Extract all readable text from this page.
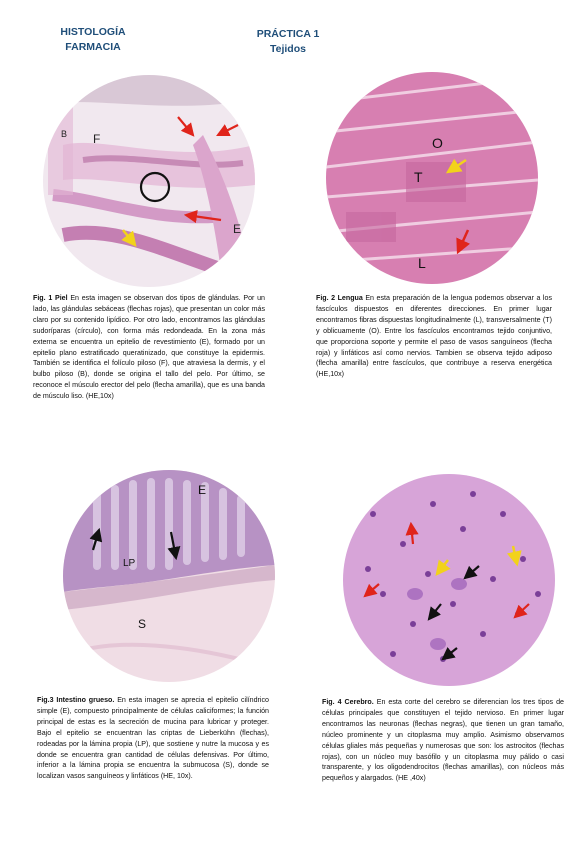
HISTOLOGÍA
FARMACIA
PRÁCTICA 1
Tejidos
B F
E
O
T
L
E
LP
S
Fig. 1 Piel En esta imagen se observan dos tipos de glándulas. Por un lado, las glándulas sebáceas (flechas rojas), que presentan un color más claro por su contenido lipídico. Por otro lado, encontramos las glándulas sudoríparas (círculo), con forma más redondeada. En la zona más externa se encuentra un epitelio de revestimiento (E), formado por un epitelio plano estratificado queratinizado, que constituye la epidermis. También se identifica el folículo piloso (F), que atraviesa la dermis, y el bulbo piloso (B), donde se origina el tallo del pelo. Por último, se reconoce el músculo erector del pelo (flecha amarilla), que es una banda de músculo liso. (HE,10x)
Fig. 2 Lengua En esta preparación de la lengua podemos observar a los fascículos dispuestos en diferentes direcciones. En primer lugar encontramos fibras dispuestas longitudinalmente (L), transversalmente (T) y oblicuamente (O). Entre los fascículos encontramos tejido conjuntivo, que proporciona soporte y permite el paso de vasos sanguíneos (flecha roja) y linfáticos así como nervios. Tambien se observa tejido adiposo (flecha amarilla) entre fascículos, que contribuye a reserva energética (HE,10x)
Fig.3 Intestino grueso. En esta imagen se aprecia el epitelio cilíndrico simple (E), compuesto principalmente de células caliciformes; la función principal de estas es la secreción de mucina para lubricar y proteger. Bajo el epitelio se encuentran las criptas de Lieberkühn (flechas), rodeadas por la lámina propia (LP), que sostiene y nutre la mucosa y es donde se encuentra gran cantidad de células defensivas. Por último, inferior a la lámina propia se encuentra la submucosa (S), donde se localizan vasos sanguíneos y linfáticos (HE, 10x).
Fig. 4 Cerebro. En esta corte del cerebro se diferencian los tres tipos de células principales que constituyen el tejido nervioso. En primer lugar encontramos las neuronas (flechas negras), que tienen un gran tamaño, núcleo prominente y un citoplasma muy amplio. Asimismo observamos células gliales más pequeñas y numerosas que son: los astrocitos (flechas rojas), con un núcleo muy basófilo y un citoplasma muy pálido o casi transparente, y los oligodendrocitos (flechas amarillas), con núcleos más pequeños y alargados. (HE ,40x)
